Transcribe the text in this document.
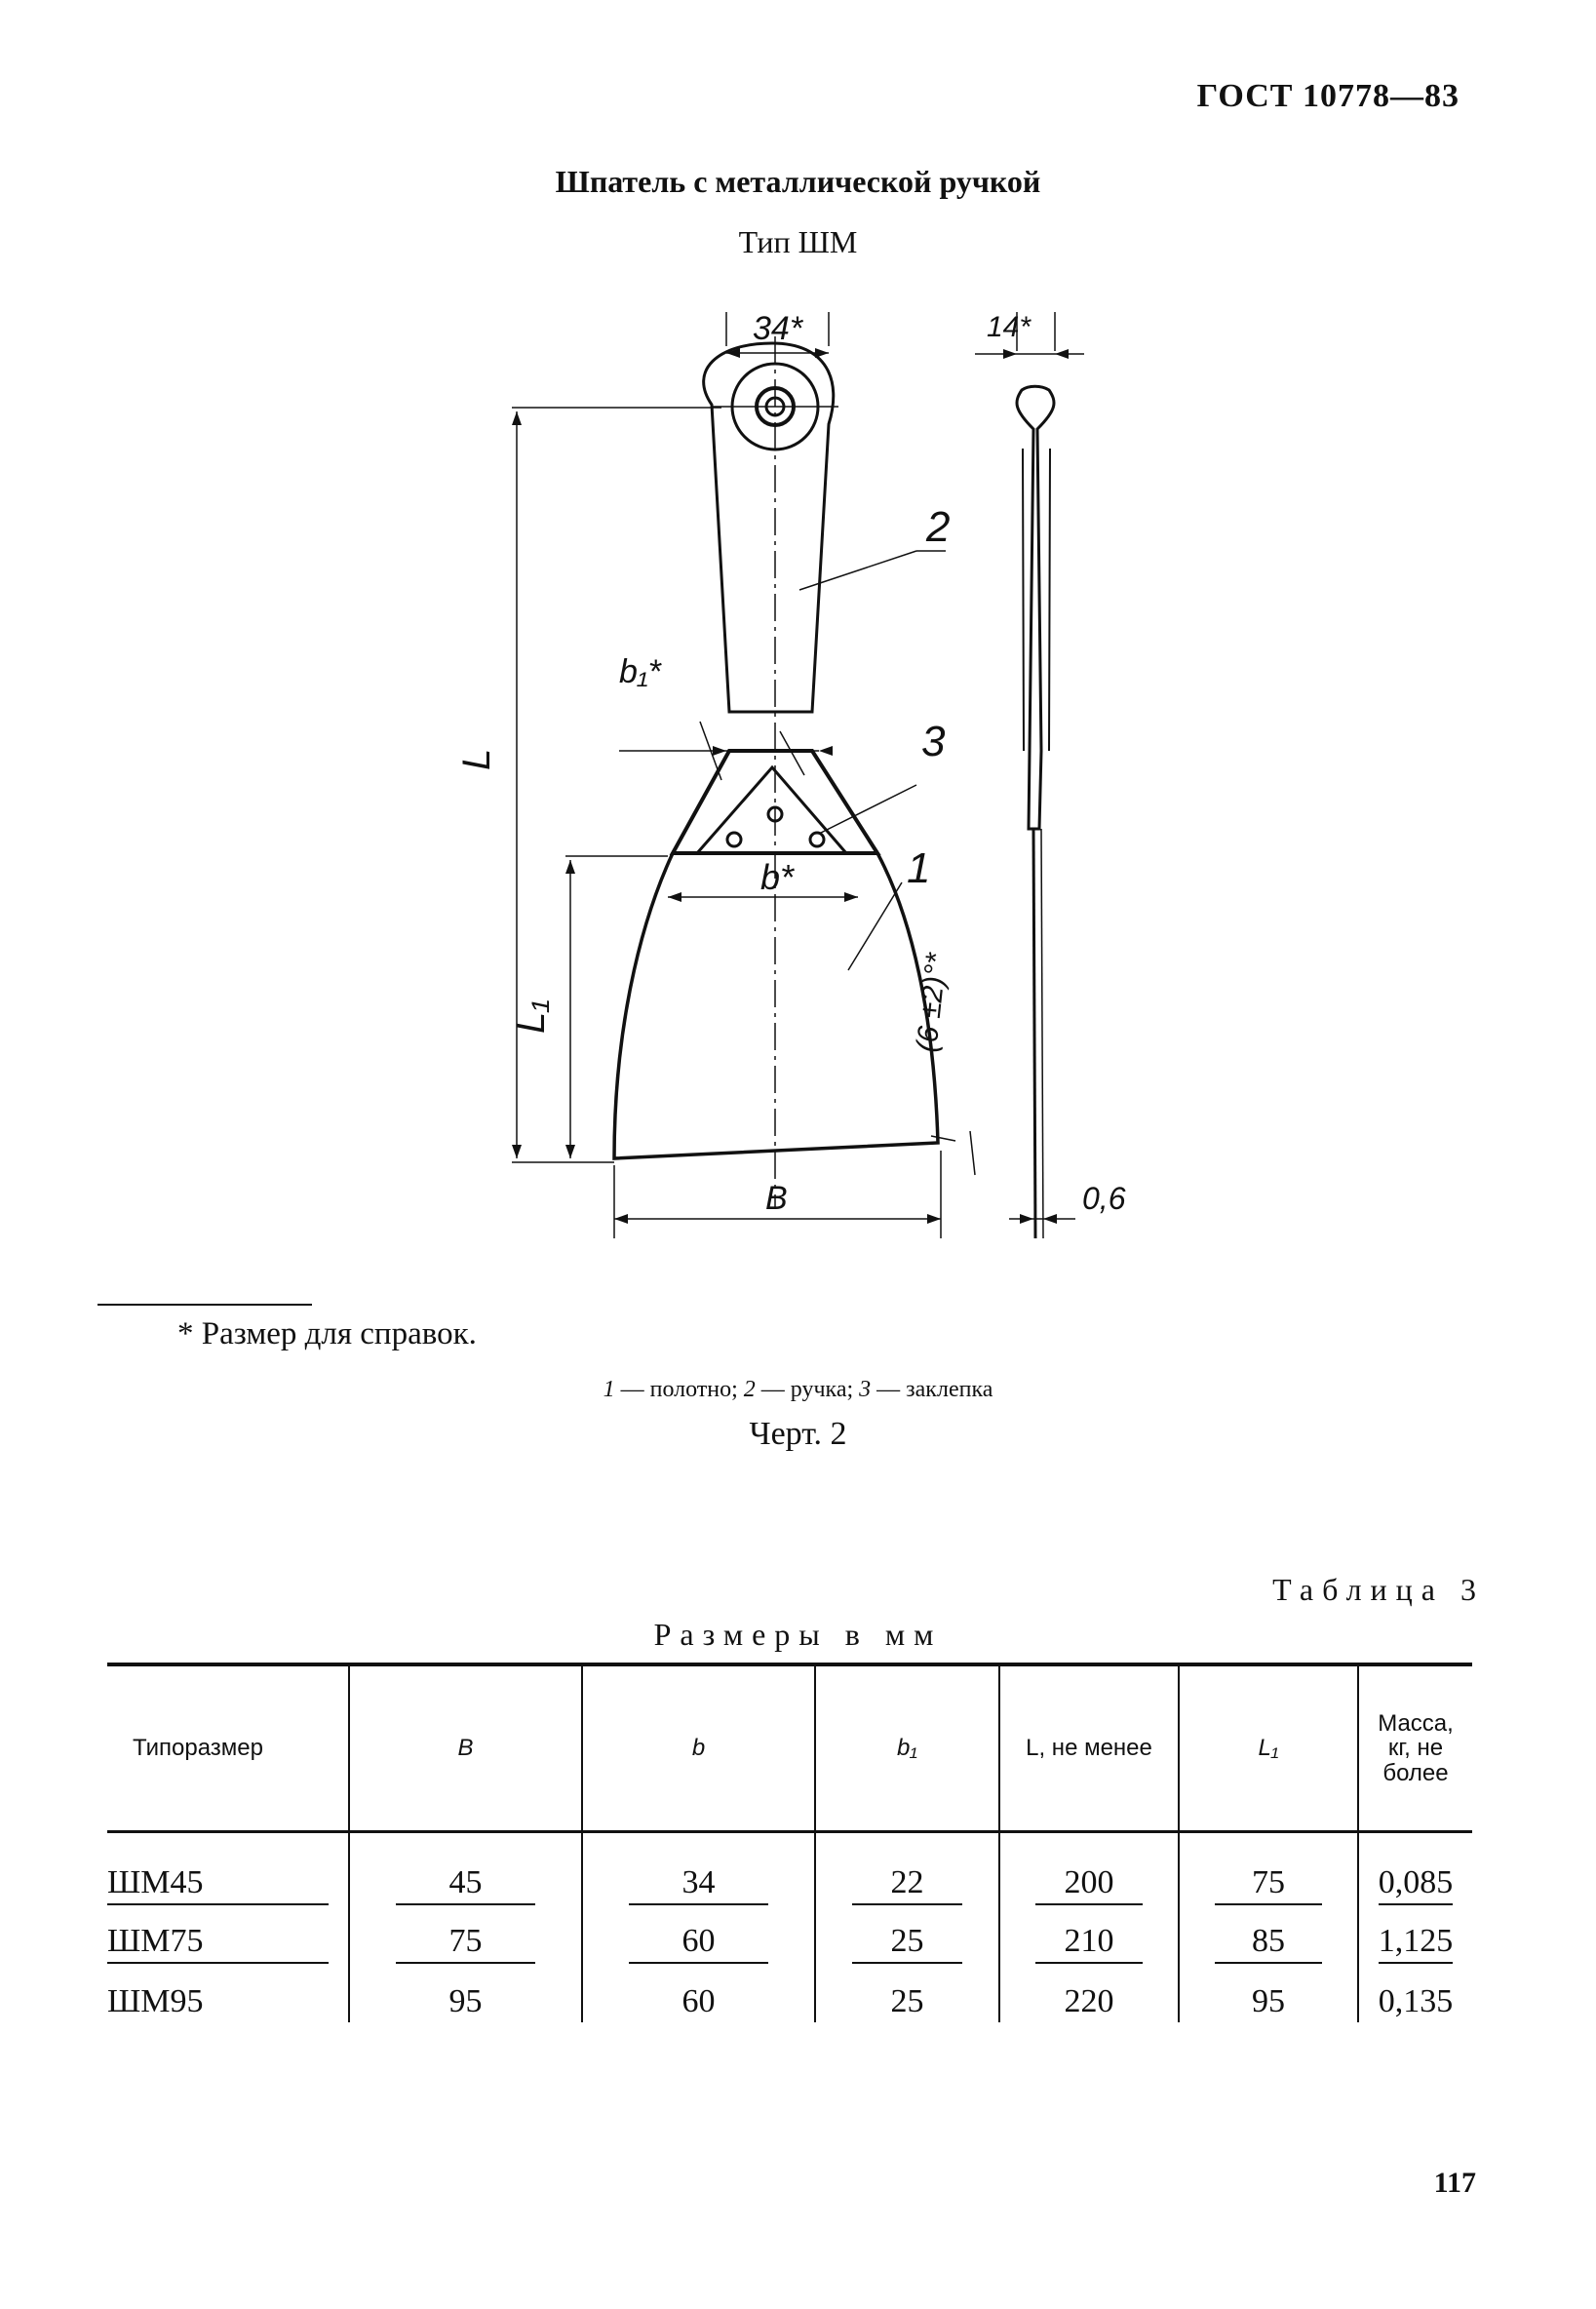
ГОСТ 10778—83
Шпатель с металлической ручкой
Тип ШМ
34*	14*
2
3
1
b₁*
b*
L
L₁	(6 ±2)°*
B	0,6
* Размер для справок.
1 — полотно; 2 — ручка; 3 — заклепка
Черт. 2
Таблица 3
Размеры в мм
Типоразмер	B	b	b₁	L, не менее	L₁	Масса, кг, не более
ШМ45	45	34	22	200	75	0,085
ШМ75	75	60	25	210	85	1,125
ШМ95	95	60	25	220	95	0,135
117
